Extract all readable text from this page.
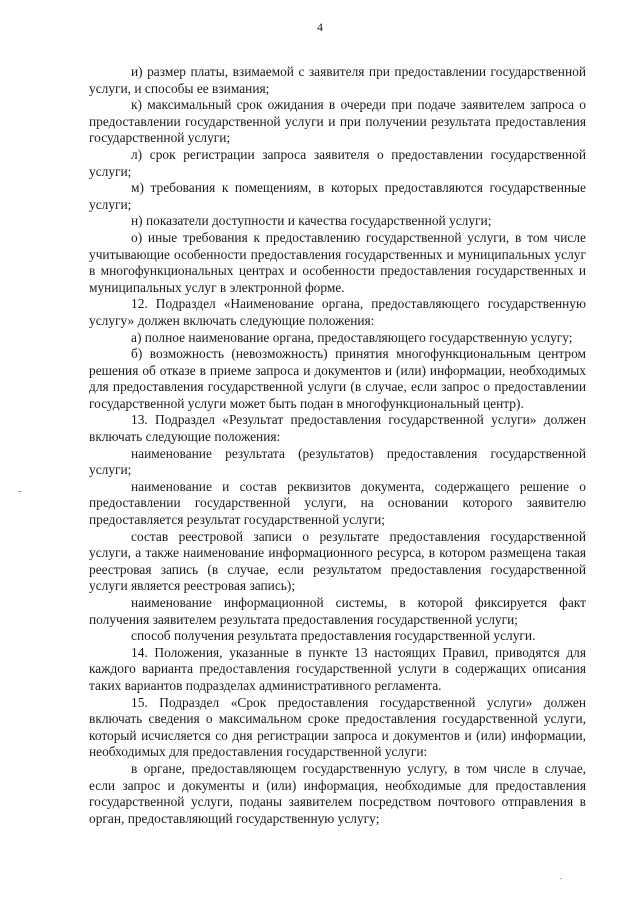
4

и) размер платы, взимаемой с заявителя при предоставлении государственной услуги, и способы ее взимания;

к) максимальный срок ожидания в очереди при подаче заявителем запроса о предоставлении государственной услуги и при получении результата предоставления государственной услуги;

л) срок регистрации запроса заявителя о предоставлении государственной услуги;

м) требования к помещениям, в которых предоставляются государственные услуги;

н) показатели доступности и качества государственной услуги;

о) иные требования к предоставлению государственной услуги, в том числе учитывающие особенности предоставления государственных и муниципальных услуг в многофункциональных центрах и особенности предоставления государственных и муниципальных услуг в электронной форме.

12. Подраздел «Наименование органа, предоставляющего государственную услугу» должен включать следующие положения:

а) полное наименование органа, предоставляющего государственную услугу;

б) возможность (невозможность) принятия многофункциональным центром решения об отказе в приеме запроса и документов и (или) информации, необходимых для предоставления государственной услуги (в случае, если запрос о предоставлении государственной услуги может быть подан в многофункциональный центр).

13. Подраздел «Результат предоставления государственной услуги» должен включать следующие положения:

наименование результата (результатов) предоставления государственной услуги;

наименование и состав реквизитов документа, содержащего решение о предоставлении государственной услуги, на основании которого заявителю предоставляется результат государственной услуги;

состав реестровой записи о результате предоставления государственной услуги, а также наименование информационного ресурса, в котором размещена такая реестровая запись (в случае, если результатом предоставления государственной услуги является реестровая запись);

наименование информационной системы, в которой фиксируется факт получения заявителем результата предоставления государственной услуги;

способ получения результата предоставления государственной услуги.

14. Положения, указанные в пункте 13 настоящих Правил, приводятся для каждого варианта предоставления государственной услуги в содержащих описания таких вариантов подразделах административного регламента.

15. Подраздел «Срок предоставления государственной услуги» должен включать сведения о максимальном сроке предоставления государственной услуги, который исчисляется со дня регистрации запроса и документов и (или) информации, необходимых для предоставления государственной услуги:

в органе, предоставляющем государственную услугу, в том числе в случае, если запрос и документы и (или) информация, необходимые для предоставления государственной услуги, поданы заявителем посредством почтового отправления в орган, предоставляющий государственную услугу;
